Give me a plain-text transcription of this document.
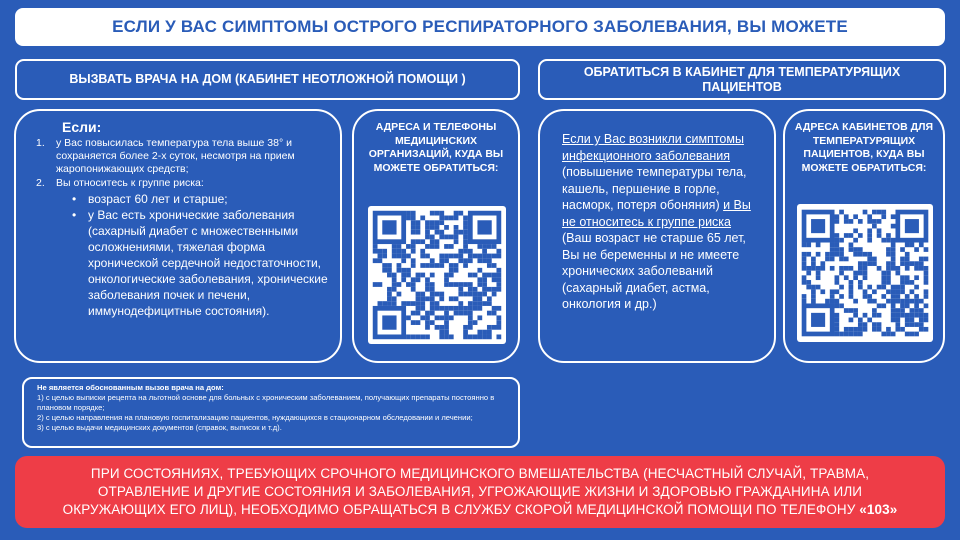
ЕСЛИ У ВАС СИМПТОМЫ ОСТРОГО РЕСПИРАТОРНОГО ЗАБОЛЕВАНИЯ, ВЫ МОЖЕТЕ
ВЫЗВАТЬ ВРАЧА НА ДОМ (КАБИНЕТ НЕОТЛОЖНОЙ ПОМОЩИ )
ОБРАТИТЬСЯ В КАБИНЕТ ДЛЯ ТЕМПЕРАТУРЯЩИХ ПАЦИЕНТОВ
Если:
1.	у Вас повысилась температура тела выше 38° и сохраняется более 2-х суток, несмотря на прием жаропонижающих средств;
2.	Вы относитесь к группе риска:
• возраст 60 лет и старше;
• у Вас есть хронические заболевания (сахарный диабет с множественными осложнениями, тяжелая форма хронической сердечной недостаточности, онкологические заболевания, хронические заболевания почек и печени, иммунодефицитные состояния).
АДРЕСА И ТЕЛЕФОНЫ МЕДИЦИНСКИХ ОРГАНИЗАЦИЙ, КУДА ВЫ МОЖЕТЕ ОБРАТИТЬСЯ:
Если у Вас возникли симптомы инфекционного заболевания (повышение температуры тела, кашель, першение в горле, насморк, потеря обоняния) и Вы не относитесь к группе риска (Ваш возраст не старше 65 лет, Вы не беременны и не имеете хронических заболеваний (сахарный диабет, астма, онкология и др.)
АДРЕСА КАБИНЕТОВ ДЛЯ ТЕМПЕРАТУРЯЩИХ ПАЦИЕНТОВ, КУДА ВЫ МОЖЕТЕ ОБРАТИТЬСЯ:
Не является обоснованным вызов врача на дом:
1) с целью выписки рецепта на льготной основе для больных с хроническим заболеванием, получающих препараты постоянно в плановом порядке;
2) с целью направления на плановую госпитализацию пациентов, нуждающихся в стационарном обследовании и лечении;
3) с целью выдачи медицинских документов (справок, выписок и т.д).
ПРИ СОСТОЯНИЯХ, ТРЕБУЮЩИХ СРОЧНОГО МЕДИЦИНСКОГО ВМЕШАТЕЛЬСТВА (НЕСЧАСТНЫЙ СЛУЧАЙ, ТРАВМА, ОТРАВЛЕНИЕ И ДРУГИЕ СОСТОЯНИЯ И ЗАБОЛЕВАНИЯ, УГРОЖАЮЩИЕ ЖИЗНИ И ЗДОРОВЬЮ ГРАЖДАНИНА ИЛИ ОКРУЖАЮЩИХ ЕГО ЛИЦ), НЕОБХОДИМО ОБРАЩАТЬСЯ В СЛУЖБУ СКОРОЙ МЕДИЦИНСКОЙ ПОМОЩИ ПО ТЕЛЕФОНУ «103»
